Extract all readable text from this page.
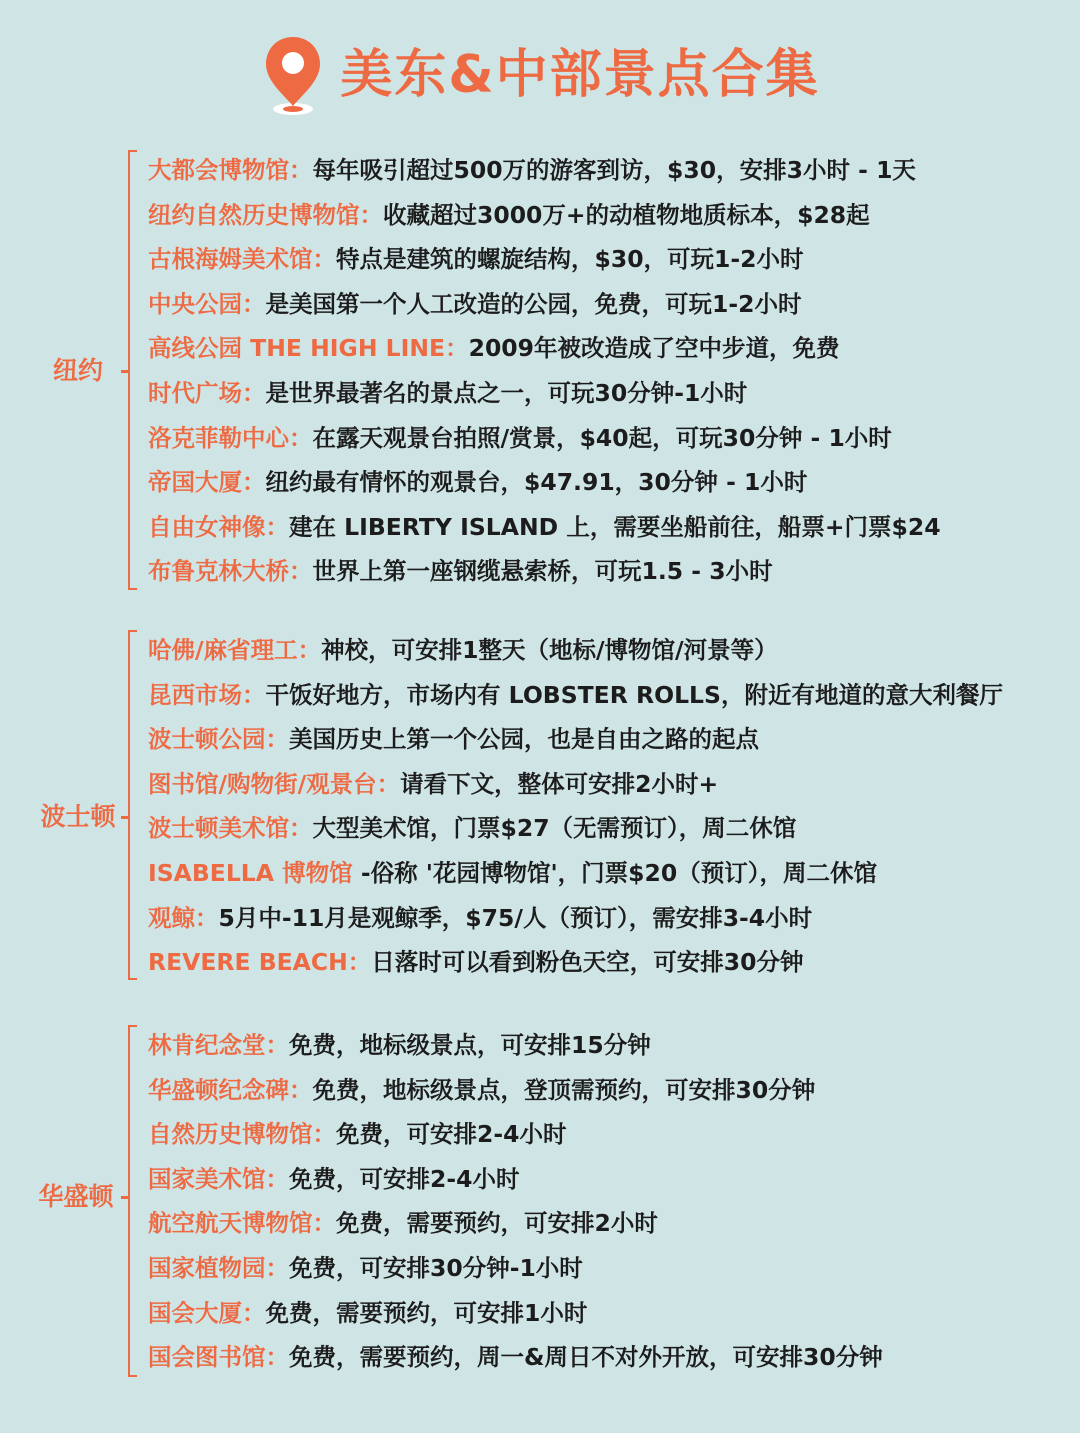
美东&中部景点合集
纽约
大都会博物馆：每年吸引超过500万的游客到访，$30，安排3小时 - 1天
纽约自然历史博物馆：收藏超过3000万+的动植物地质标本，$28起
古根海姆美术馆：特点是建筑的螺旋结构，$30，可玩1-2小时
中央公园：是美国第一个人工改造的公园，免费，可玩1-2小时
高线公园 THE HIGH LINE：2009年被改造成了空中步道，免费
时代广场：是世界最著名的景点之一，可玩30分钟-1小时
洛克菲勒中心：在露天观景台拍照/赏景，$40起，可玩30分钟 - 1小时
帝国大厦：纽约最有情怀的观景台，$47.91，30分钟 - 1小时
自由女神像：建在 LIBERTY ISLAND 上，需要坐船前往，船票+门票$24
布鲁克林大桥：世界上第一座钢缆悬索桥，可玩1.5 - 3小时
波士顿
哈佛/麻省理工：神校，可安排1整天（地标/博物馆/河景等）
昆西市场：干饭好地方，市场内有 LOBSTER ROLLS，附近有地道的意大利餐厅
波士顿公园：美国历史上第一个公园，也是自由之路的起点
图书馆/购物街/观景台：请看下文，整体可安排2小时+
波士顿美术馆：大型美术馆，门票$27（无需预订），周二休馆
ISABELLA 博物馆 -俗称 '花园博物馆'，门票$20（预订），周二休馆
观鲸：5月中-11月是观鲸季，$75/人（预订），需安排3-4小时
REVERE BEACH：日落时可以看到粉色天空，可安排30分钟
华盛顿
林肯纪念堂：免费，地标级景点，可安排15分钟
华盛顿纪念碑：免费，地标级景点，登顶需预约，可安排30分钟
自然历史博物馆：免费，可安排2-4小时
国家美术馆：免费，可安排2-4小时
航空航天博物馆：免费，需要预约，可安排2小时
国家植物园：免费，可安排30分钟-1小时
国会大厦：免费，需要预约，可安排1小时
国会图书馆：免费，需要预约，周一&周日不对外开放，可安排30分钟
